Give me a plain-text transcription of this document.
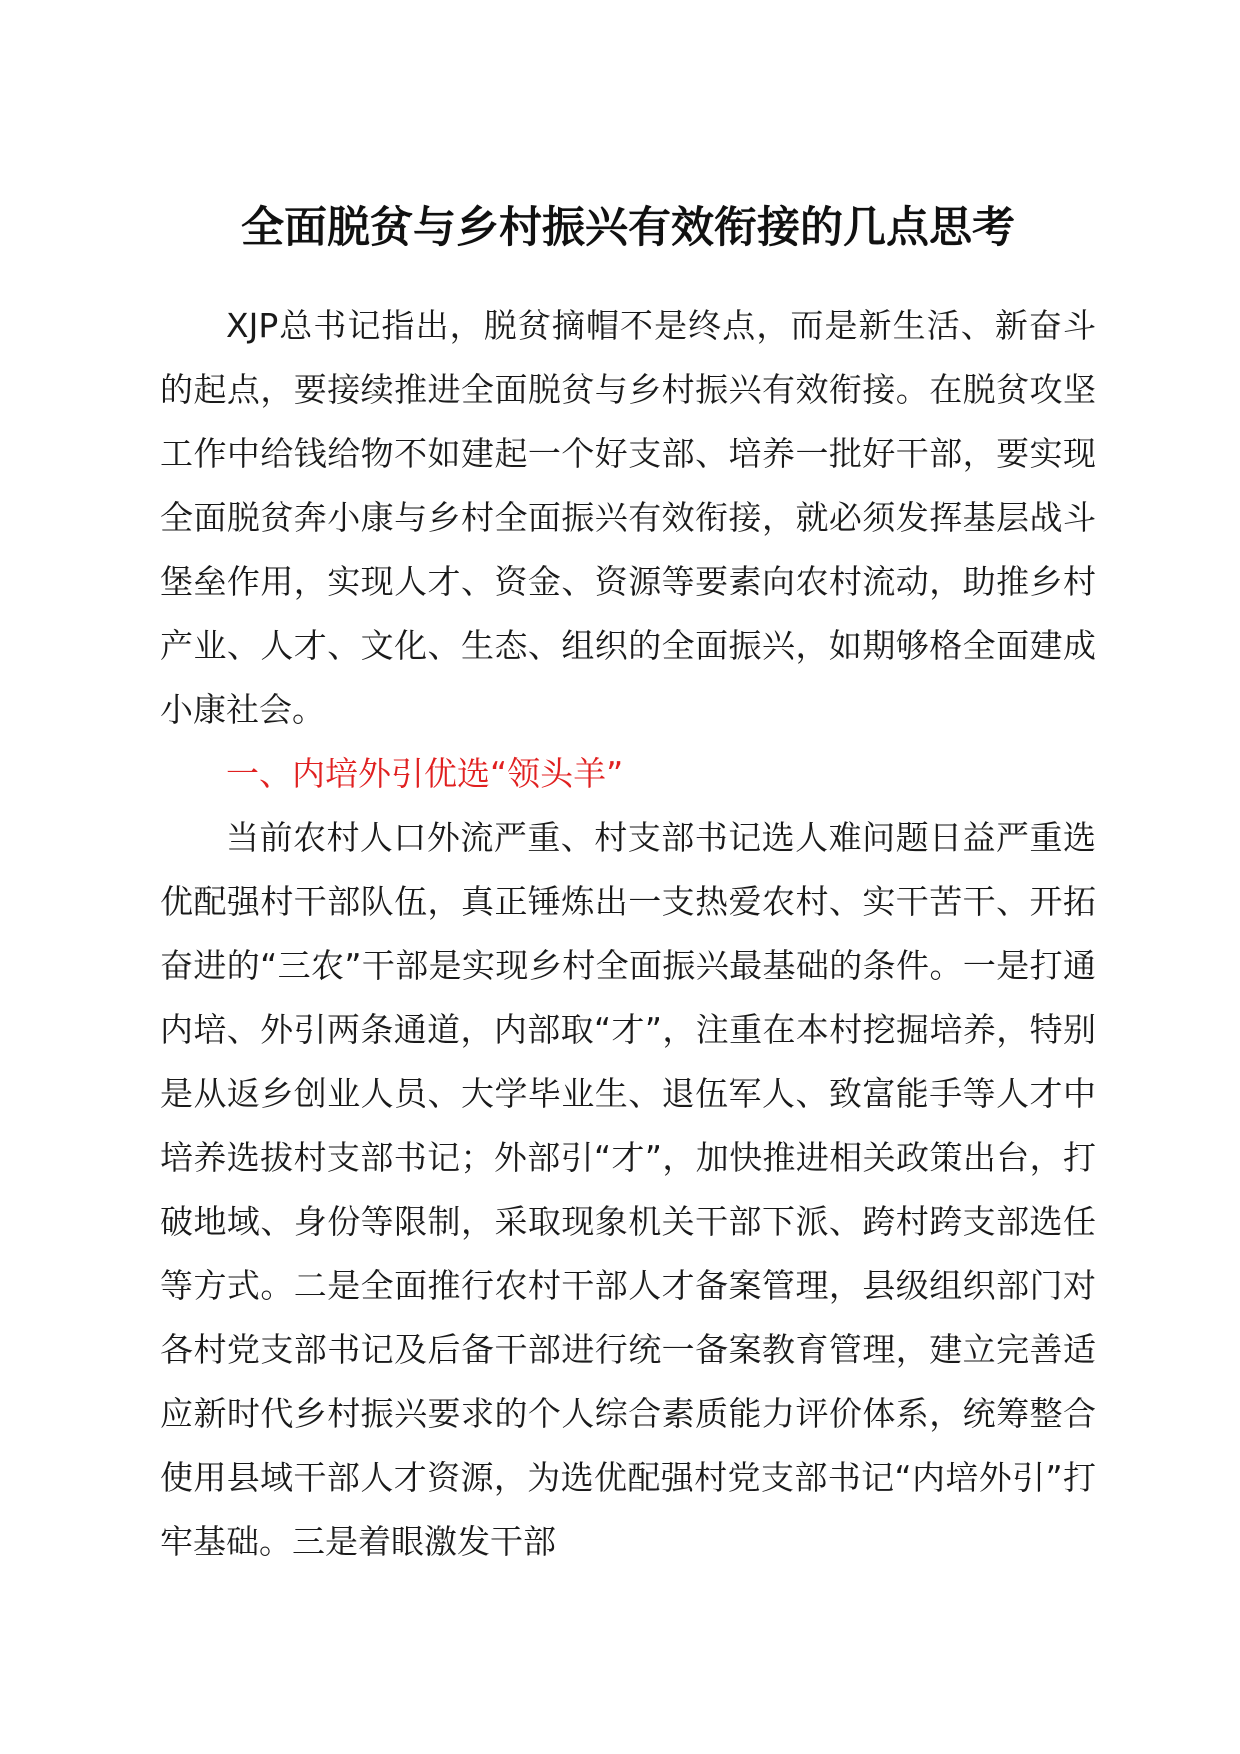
全面脱贫与乡村振兴有效衔接的几点思考

XJP总书记指出，脱贫摘帽不是终点，而是新生活、新奋斗的起点，要接续推进全面脱贫与乡村振兴有效衔接。在脱贫攻坚工作中给钱给物不如建起一个好支部、培养一批好干部，要实现全面脱贫奔小康与乡村全面振兴有效衔接，就必须发挥基层战斗堡垒作用，实现人才、资金、资源等要素向农村流动，助推乡村产业、人才、文化、生态、组织的全面振兴，如期够格全面建成小康社会。

一、内培外引优选“领头羊”

当前农村人口外流严重、村支部书记选人难问题日益严重选优配强村干部队伍，真正锤炼出一支热爱农村、实干苦干、开拓奋进的“三农”干部是实现乡村全面振兴最基础的条件。一是打通内培、外引两条通道，内部取“才”，注重在本村挖掘培养，特别是从返乡创业人员、大学毕业生、退伍军人、致富能手等人才中培养选拔村支部书记；外部引“才”，加快推进相关政策出台，打破地域、身份等限制，采取现象机关干部下派、跨村跨支部选任等方式。二是全面推行农村干部人才备案管理，县级组织部门对各村党支部书记及后备干部进行统一备案教育管理，建立完善适应新时代乡村振兴要求的个人综合素质能力评价体系，统筹整合使用县域干部人才资源，为选优配强村党支部书记“内培外引”打牢基础。三是着眼激发干部
